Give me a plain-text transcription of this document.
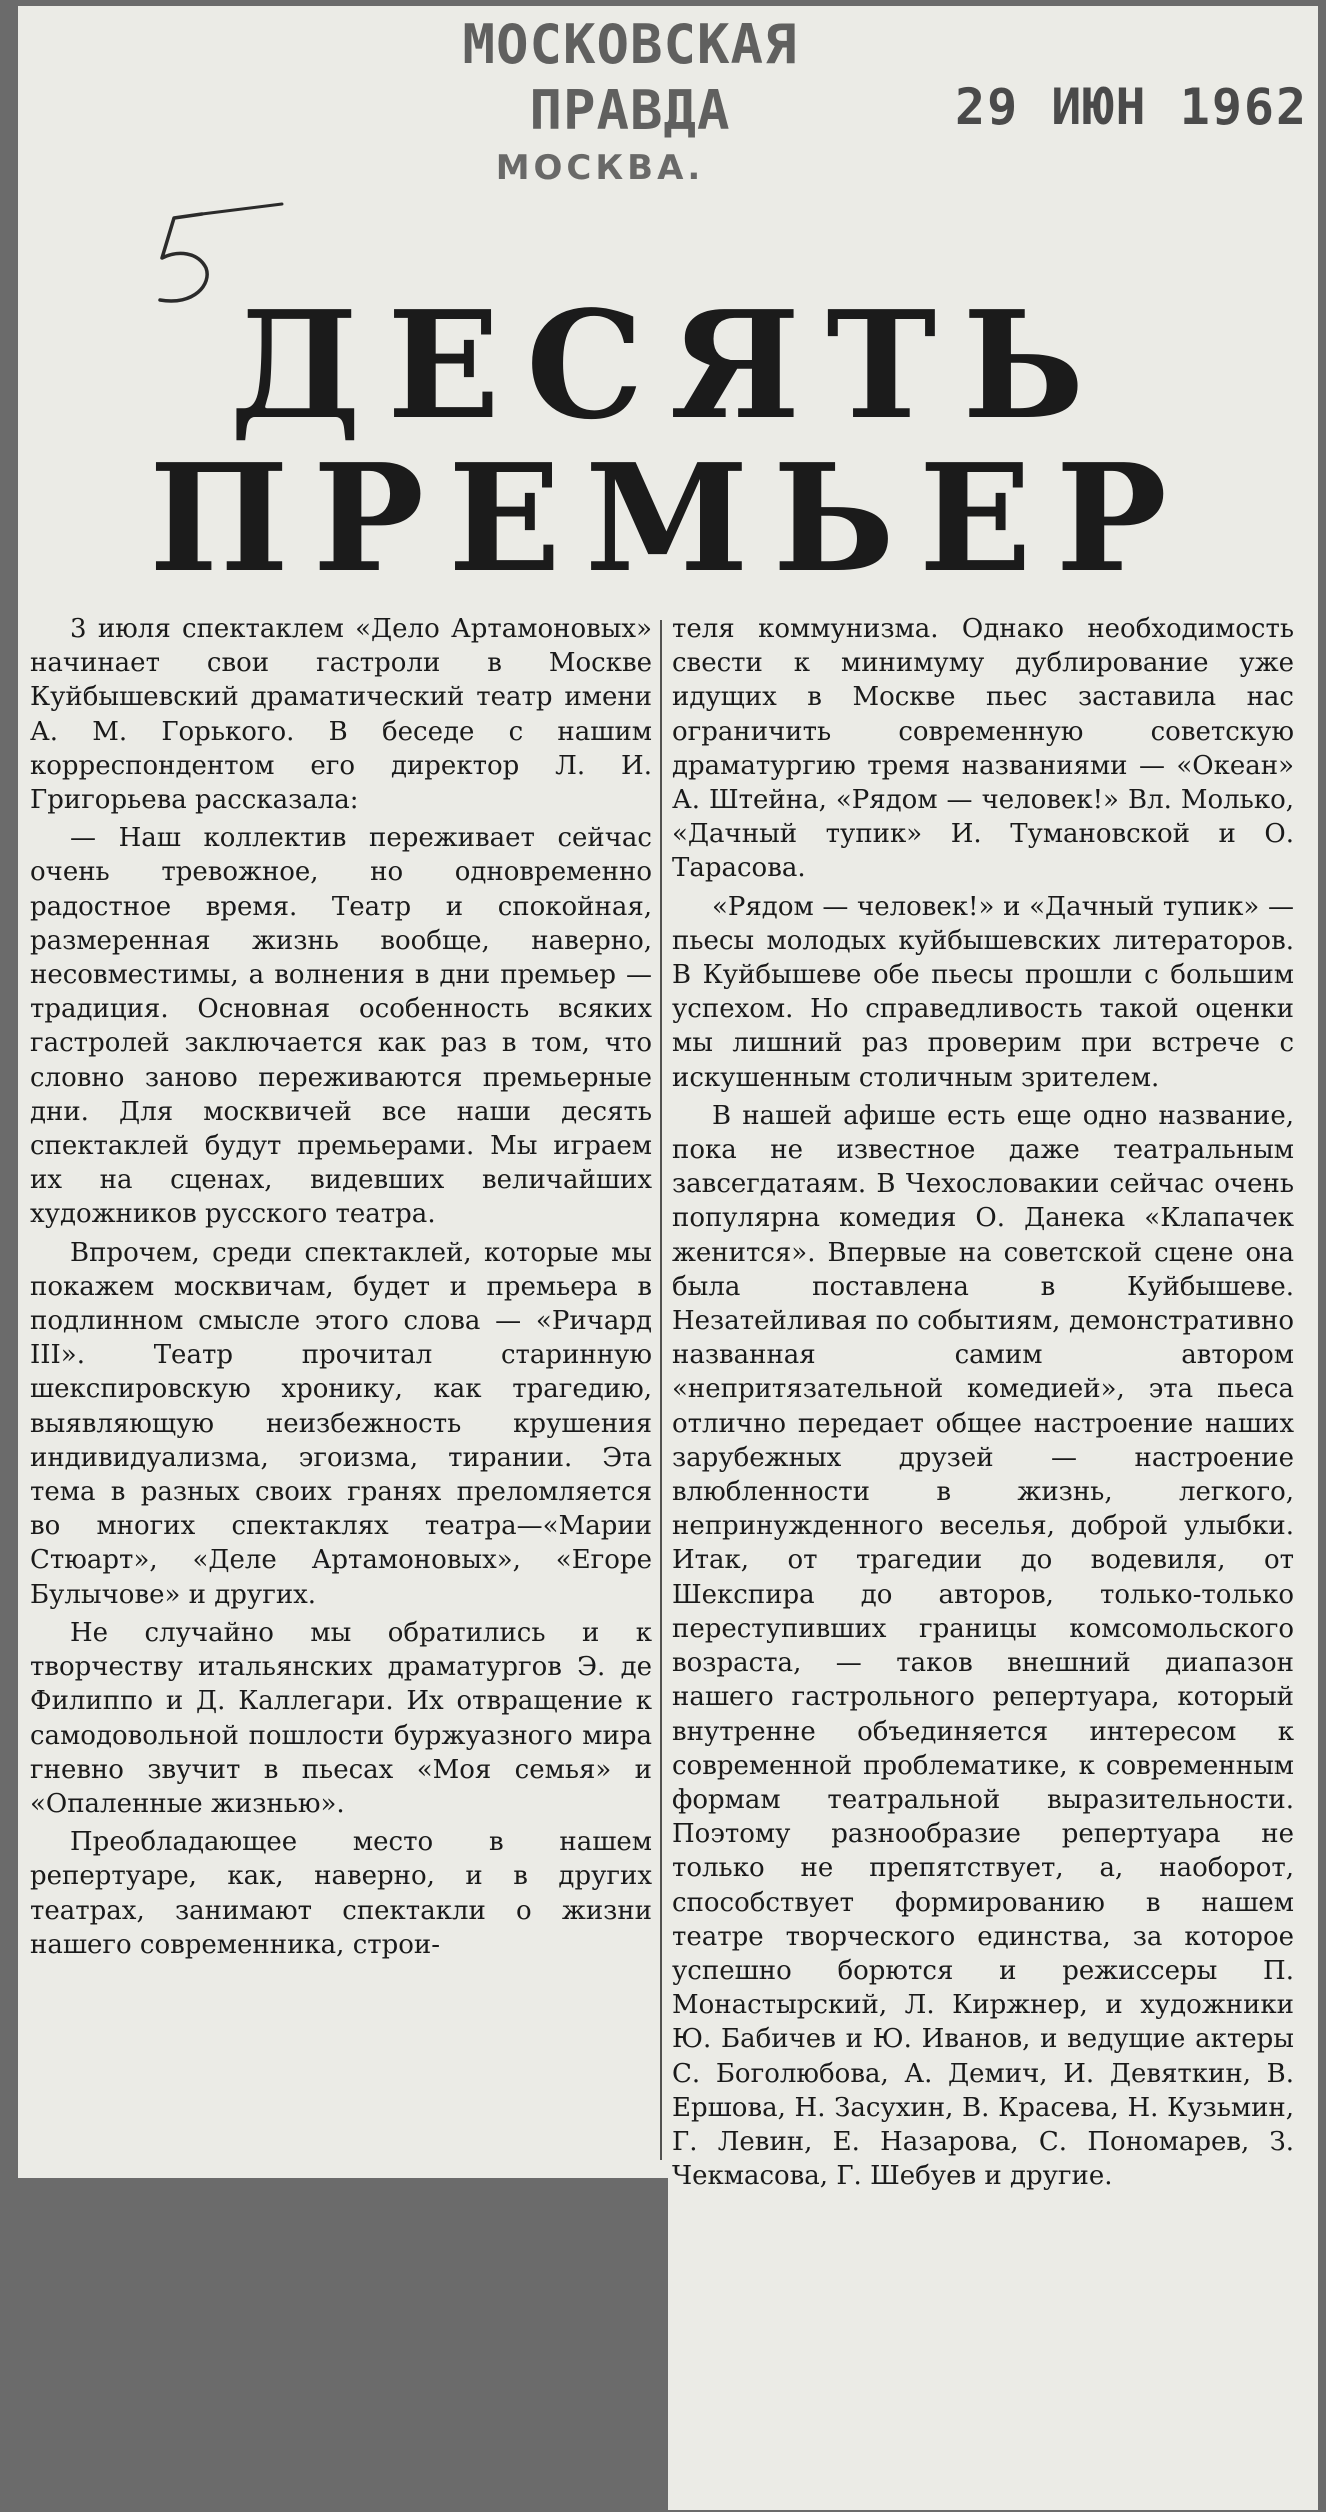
МОСКОВСКАЯ ПРАВДА
МОСКВА.
29 ИЮН 1962
ДЕСЯТЬ
ПРЕМЬЕР

3 июля спектаклем «Дело Артамоновых» начинает свои гастроли в Москве Куйбышевский драматический театр имени А. М. Горького. В беседе с нашим корреспондентом его директор Л. И. Григорьева рассказала:

— Наш коллектив переживает сейчас очень тревожное, но одновременно радостное время. Театр и спокойная, размеренная жизнь вообще, наверно, несовместимы, а волнения в дни премьер — традиция. Основная особенность всяких гастролей заключается как раз в том, что словно заново переживаются премьерные дни. Для москвичей все наши десять спектаклей будут премьерами. Мы играем их на сценах, видевших величайших художников русского театра.

Впрочем, среди спектаклей, которые мы покажем москвичам, будет и премьера в подлинном смысле этого слова — «Ричард III». Театр прочитал старинную шекспировскую хронику, как трагедию, выявляющую неизбежность крушения индивидуализма, эгоизма, тирании. Эта тема в разных своих гранях преломляется во многих спектаклях театра—«Марии Стюарт», «Деле Артамоновых», «Егоре Булычове» и других.

Не случайно мы обратились и к творчеству итальянских драматургов Э. де Филиппо и Д. Каллегари. Их отвращение к самодовольной пошлости буржуазного мира гневно звучит в пьесах «Моя семья» и «Опаленные жизнью».

Преобладающее место в нашем репертуаре, как, наверно, и в других театрах, занимают спектакли о жизни нашего современника, строи-

теля коммунизма. Однако необходимость свести к минимуму дублирование уже идущих в Москве пьес заставила нас ограничить современную советскую драматургию тремя названиями — «Океан» А. Штейна, «Рядом — человек!» Вл. Молько, «Дачный тупик» И. Тумановской и О. Тарасова.

«Рядом — человек!» и «Дачный тупик» — пьесы молодых куйбышевских литераторов. В Куйбышеве обе пьесы прошли с большим успехом. Но справедливость такой оценки мы лишний раз проверим при встрече с искушенным столичным зрителем.

В нашей афише есть еще одно название, пока не известное даже театральным завсегдатаям. В Чехословакии сейчас очень популярна комедия О. Данека «Клапачек женится». Впервые на советской сцене она была поставлена в Куйбышеве. Незатейливая по событиям, демонстративно названная самим автором «непритязательной комедией», эта пьеса отлично передает общее настроение наших зарубежных друзей — настроение влюбленности в жизнь, легкого, непринужденного веселья, доброй улыбки. Итак, от трагедии до водевиля, от Шекспира до авторов, только-только переступивших границы комсомольского возраста, — таков внешний диапазон нашего гастрольного репертуара, который внутренне объединяется интересом к современной проблематике, к современным формам театральной выразительности. Поэтому разнообразие репертуара не только не препятствует, а, наоборот, способствует формированию в нашем театре творческого единства, за которое успешно борются и режиссеры П. Монастырский, Л. Киржнер, и художники Ю. Бабичев и Ю. Иванов, и ведущие актеры С. Боголюбова, А. Демич, И. Девяткин, В. Ершова, Н. Засухин, В. Красева, Н. Кузьмин, Г. Левин, Е. Назарова, С. Пономарев, З. Чекмасова, Г. Шебуев и другие.
